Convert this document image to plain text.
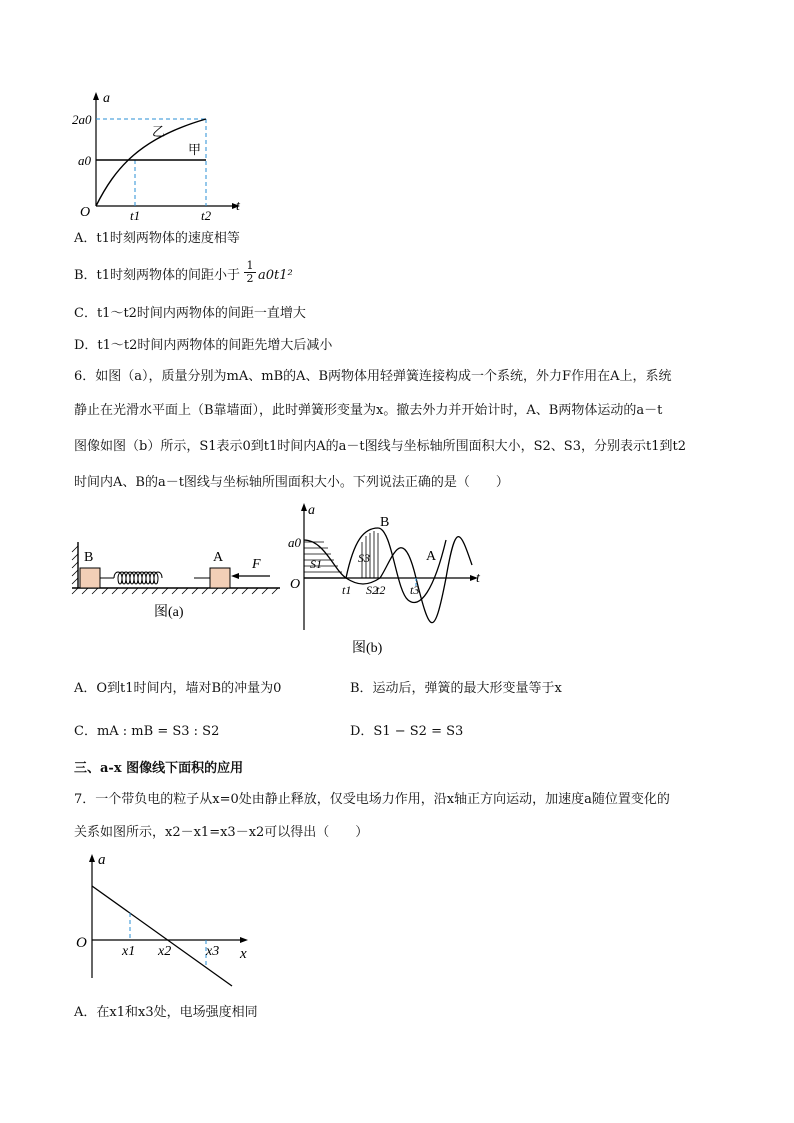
a
t
O
2a0
a0
t1	t2
乙
甲
A．t1时刻两物体的速度相等
B．t1时刻两物体的间距小于 $\frac{1}{2} a0t1^2$
C．t1～t2时间内两物体的间距一直增大
D．t1～t2时间内两物体的间距先增大后减小
6．如图（a），质量分别为mA、mB的A、B两物体用轻弹簧连接构成一个系统，外力F作用在A上，系统
静止在光滑水平面上（B靠墙面），此时弹簧形变量为x。撤去外力并开始计时，A、B两物体运动的a－t
图像如图（b）所示，S1表示0到t1时间内A的a－t图线与坐标轴所围面积大小，S2、S3，分别表示t1到t2
时间内A、B的a－t图线与坐标轴所围面积大小。下列说法正确的是（　　）
B	A F
图(a)
a
t
O
a0
B
A
S1	S3
S2
t1 t2 t3
图(b)
A．O到t1时间内，墙对B的冲量为0	B．运动后，弹簧的最大形变量等于x
C．mA : mB = S3 : S2	D．S1 − S2 = S3
三、a-x 图像线下面积的应用
7．一个带负电的粒子从x=0处由静止释放，仅受电场力作用，沿x轴正方向运动，加速度a随位置变化的
关系如图所示，x2－x1=x3－x2可以得出（　　）
a
x
O
x1 x2 x3
A．在x1和x3处，电场强度相同
